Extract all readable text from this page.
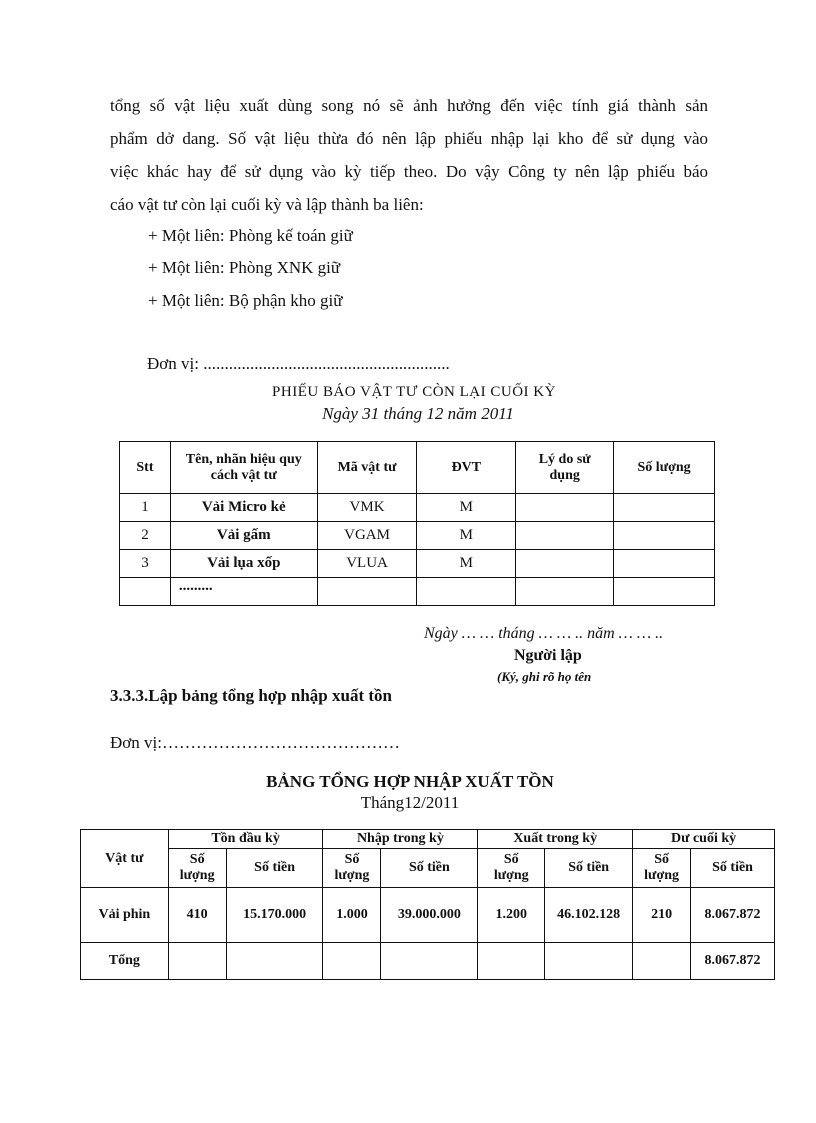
tổng số vật liệu xuất dùng song nó sẽ ảnh hưởng đến việc tính giá thành sản
phẩm dở dang. Số vật liệu thừa đó nên lập phiếu nhập lại kho để sử dụng vào
việc khác hay để sử dụng vào kỳ tiếp theo. Do vậy Công ty nên lập phiếu báo
cáo vật tư còn lại cuối kỳ và lập thành ba liên:
+ Một liên: Phòng kế toán giữ
+ Một liên: Phòng XNK giữ
+ Một liên: Bộ phận kho giữ
Đơn vị: ..........................................................
PHIẾU BÁO VẬT TƯ CÒN LẠI CUỐI KỲ
Ngày 31 tháng 12 năm 2011
Stt	Tên, nhãn hiệu quy cách vật tư	Mã vật tư	ĐVT	Lý do sử dụng	Số lượng
1	Vải Micro kẻ	VMK	M		
2	Vải gấm	VGAM	M		
3	Vải lụa xốp	VLUA	M		
	.........				
Ngày … … tháng … … .. năm … … ..
Người lập
(Ký, ghi rõ họ tên
3.3.3.Lập bảng tổng hợp nhập xuất tồn
Đơn vị:……………………………………
BẢNG TỔNG HỢP NHẬP XUẤT TỒN
Tháng12/2011
Vật tư	Tồn đầu kỳ		Nhập trong kỳ		Xuất trong kỳ		Dư cuối kỳ	
	Số lượng	Số tiền	Số lượng	Số tiền	Số lượng	Số tiền	Số lượng	Số tiền
Vải phin	410	15.170.000	1.000	39.000.000	1.200	46.102.128	210	8.067.872
Tổng								8.067.872
